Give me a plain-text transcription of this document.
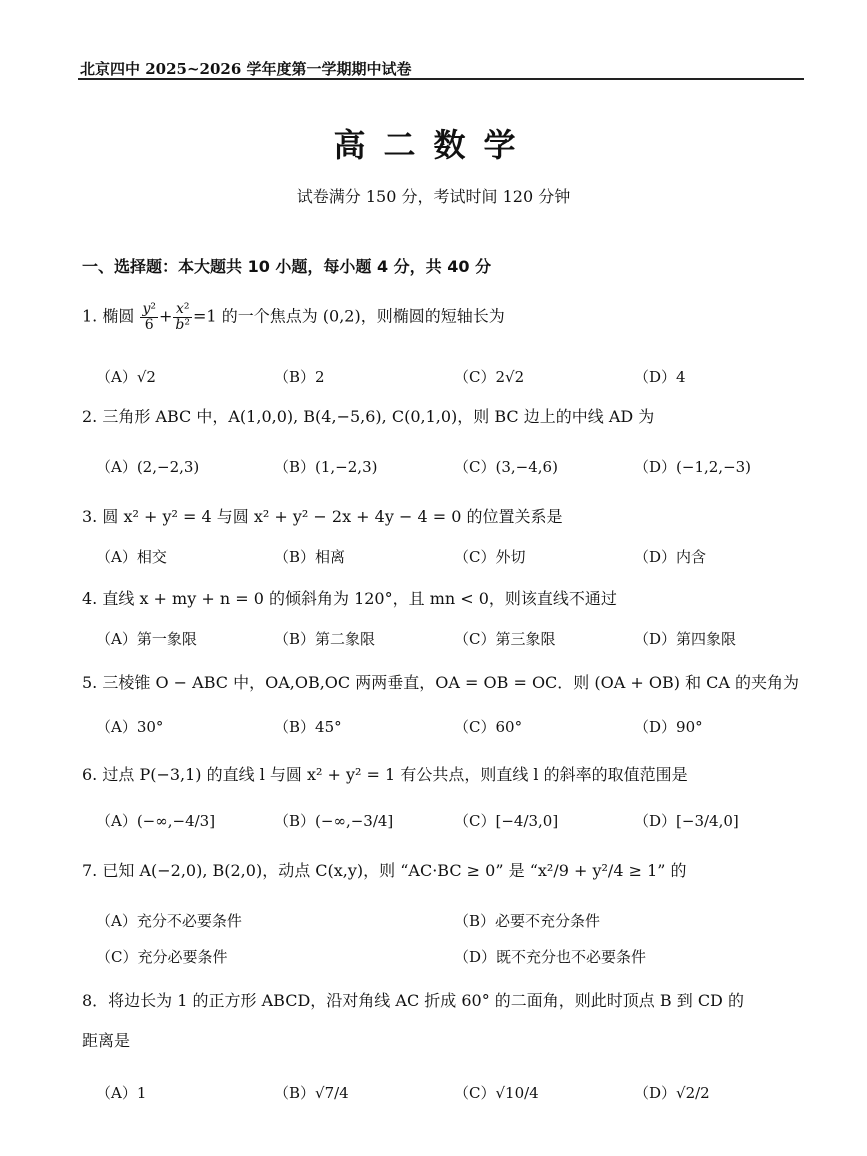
北京四中 2025~2026 学年度第一学期期中试卷
高二数学
试卷满分 150 分，考试时间 120 分钟
一、选择题：本大题共 10 小题，每小题 4 分，共 40 分
1. 椭圆 $\frac{\text{y²}}{6} + \frac{\text{x²}}{\text{b²}} =1$ 的一个焦点为 (0,2)，则椭圆的短轴长为
（A）√2	（B）2	（C）2√2	（D）4
2. 三角形 ABC 中，A(1,0,0), B(4,−5,6), C(0,1,0)，则 BC 边上的中线 AD 为
（A）(2,−2,3)	（B）(1,−2,3)	（C）(3,−4,6)	（D）(−1,2,−3)
3. 圆 x² + y² = 4 与圆 x² + y² − 2x + 4y − 4 = 0 的位置关系是
（A）相交	（B）相离	（C）外切	（D）内含
4. 直线 x + my + n = 0 的倾斜角为 120°，且 mn < 0，则该直线不通过
（A）第一象限	（B）第二象限	（C）第三象限	（D）第四象限
5. 三棱锥 O − ABC 中，OA,OB,OC 两两垂直，OA = OB = OC．则 (OA + OB) 和 CA 的夹角为
（A）30°	（B）45°	（C）60°	（D）90°
6. 过点 P(−3,1) 的直线 l 与圆 x² + y² = 1 有公共点，则直线 l 的斜率的取值范围是
（A）(−∞,−4/3]	（B）(−∞,−3/4]	（C）[−4/3,0]	（D）[−3/4,0]
7. 已知 A(−2,0), B(2,0)，动点 C(x,y)，则 “AC·BC ≥ 0” 是 “x²/9 + y²/4 ≥ 1” 的
（A）充分不必要条件	（B）必要不充分条件
（C）充分必要条件	（D）既不充分也不必要条件
8．将边长为 1 的正方形 ABCD，沿对角线 AC 折成 60° 的二面角，则此时顶点 B 到 CD 的
距离是
（A）1	（B）√7/4	（C）√10/4	（D）√2/2
